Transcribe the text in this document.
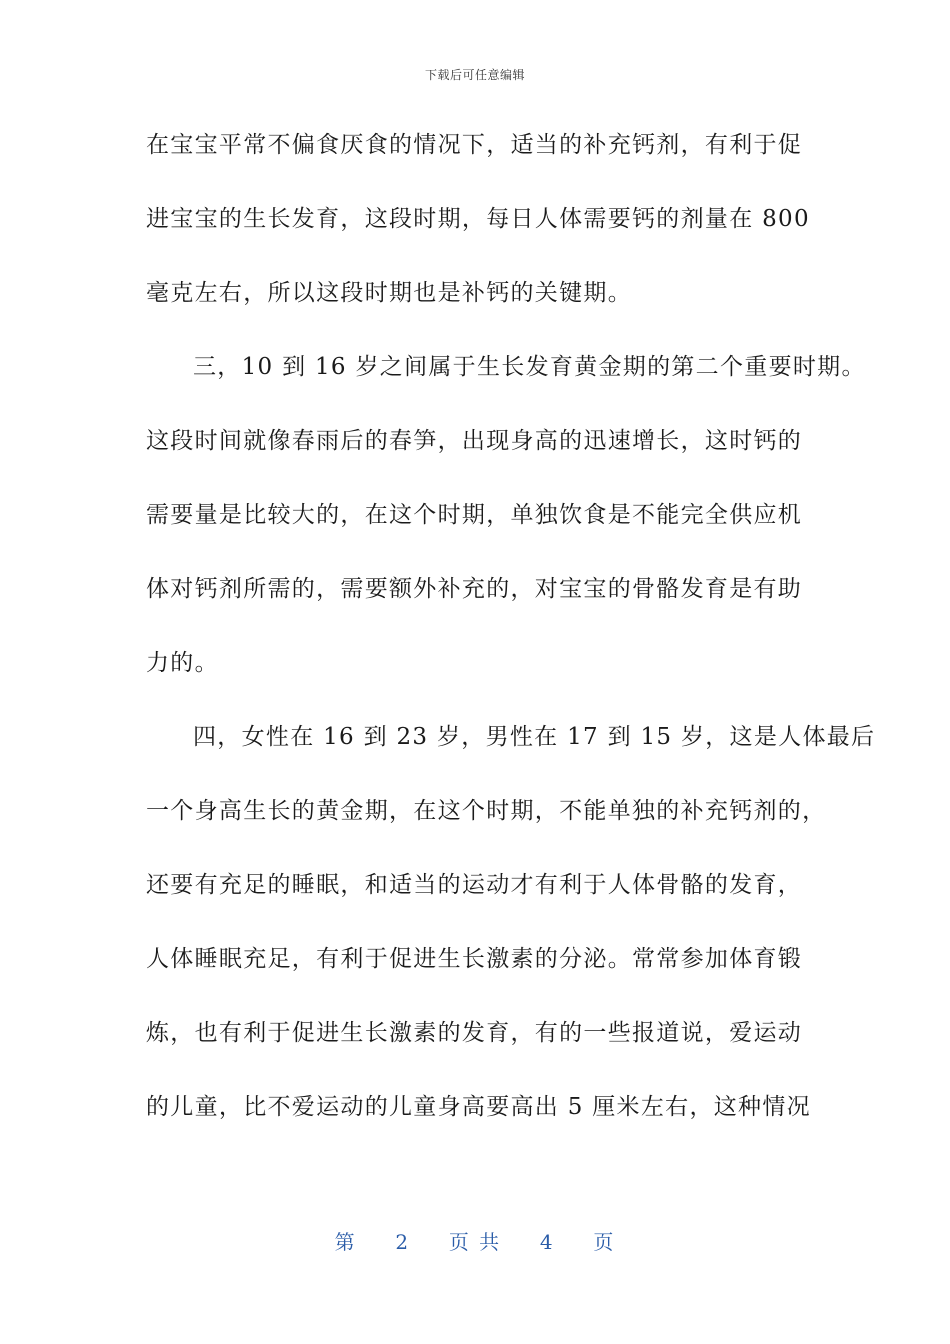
下载后可任意编辑
在宝宝平常不偏食厌食的情况下，适当的补充钙剂，有利于促
进宝宝的生长发育，这段时期，每日人体需要钙的剂量在 800
毫克左右，所以这段时期也是补钙的关键期。
三，10 到 16 岁之间属于生长发育黄金期的第二个重要时期。
这段时间就像春雨后的春笋，出现身高的迅速增长，这时钙的
需要量是比较大的，在这个时期，单独饮食是不能完全供应机
体对钙剂所需的，需要额外补充的，对宝宝的骨骼发育是有助
力的。
四，女性在 16 到 23 岁，男性在 17 到 15 岁，这是人体最后
一个身高生长的黄金期，在这个时期，不能单独的补充钙剂的，
还要有充足的睡眠，和适当的运动才有利于人体骨骼的发育，
人体睡眠充足，有利于促进生长激素的分泌。常常参加体育锻
炼，也有利于促进生长激素的发育，有的一些报道说，爱运动
的儿童，比不爱运动的儿童身高要高出 5 厘米左右，这种情况
第 2 页 共 4 页
